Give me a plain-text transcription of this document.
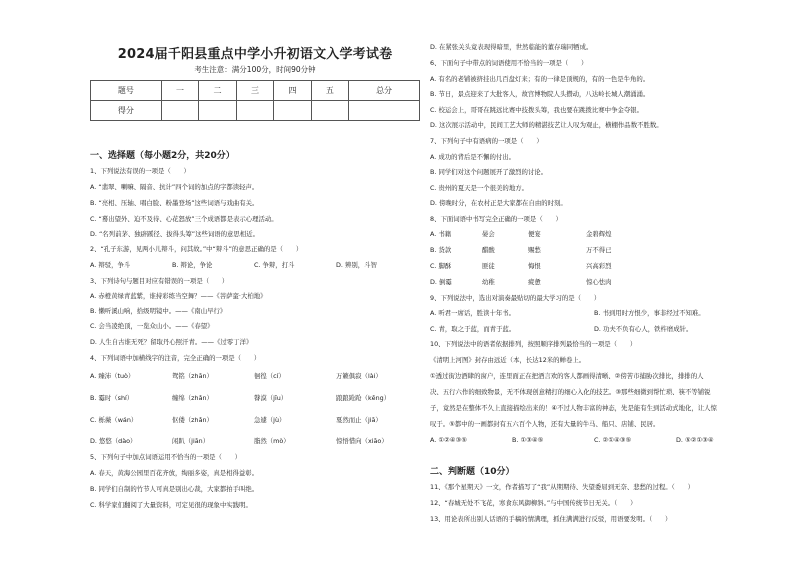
2024届千阳县重点中学小升初语文入学考试卷
考生注意：满分100分，时间90分钟
题号	一	二	三	四	五	总分
得分						
一、选择题（每小题2分，共20分）
1、下列说法有误的一项是（　　）
A. “翡翠、喇嘛、隔音、抗计”四个词的加点的字都读轻声。
B. “亮相、压轴、唱白脸、粉墨登场”这些词语与戏曲有关。
C. “蓦出望外、迫不及待、心花怒放”三个成语都是表示心理活动。
D. “名列前茅、独辟蹊径、拔得头筹”这些词语的意思相近。
2、“孔子东游，见两小儿辩斗，问其故。”中“辩斗”的意思正确的是（　　）
A. 辩驳，争斗	B. 辩论，争论	C. 争辩，打斗	D. 辨别，斗智
3、下列诗句与题目对应有错误的一项是（　　）
A. 赤橙黄绿青蓝紫，谁持彩练当空舞？——《菩萨蛮·大柏地》
B. 懒听溪山响，拾级明镜中。——《南山早行》
C. 会当凌绝顶，一览众山小。——《春望》
D. 人生自古谁无死？留取丹心照汗青。——《过零丁洋》
4、下列词语中加横线字的注音，完全正确的一项是（　　）
A. 臻沛（tuò）	鸳铭（zhān）	徊徨（cí）	万籁俱寂（lài）
B. 霉时（shí）	缠绵（zhǎn）	瞽漠（jīu）	踉踉跄跄（kēng）
C. 栎薇（wán）	伛偻（zhǎn）	急遽（jù）	戛然而止（jiā）
D. 悠悠（dào）	闲趴（jiān）	脂然（mò）	惊悟惜向（xiāo）
5、下列句子中加点词语运用不恰当的一项是（　　）
A. 春天，黄海公园里百花齐放，绚丽多姿，真是相得益彰。
B. 同学们自制的竹节人可真是别出心裁，大家都拍手叫绝。
C. 科学家们翻阅了大量资料，可定见很的现象中实践明。
D. 在紧张关头竟表现得暗里，世然临能的董存瑞同牺成。
6、下面句子中带点的词语使用不恰当的一项是（　　）
A. 有名的老铺被挤挂出几百盘灯来；有的一律是顶规的，有的一色是牛角的。
B. 节日，景点迎来了大批客人，故宫博物院人头攒动，八达岭长城人潮涌涌。
C. 校运会上，哥哥在跳远比赛中技拨头筹，我也要在跳拨比赛中争金夺银。
D. 这次展示活动中，民间工艺大师的精湛技艺让人叹为观止，横棚作品数不胜数。
7、下列句子中有语病的一项是（　　）
A. 成功的背后是不懈的付出。
B. 同学们对这个问题展开了激烈的讨论。
C. 贵州的夏天是一个很美的地方。
D. 傍晚时分，在农村正是大家都在自由的时刻。
8、下面词语中书写完全正确的一项是（　　）
A. 书籍	晏会	便宴	金碧辉煌
B. 货款	醋酸	赐愁	万不得已
C. 脚酥	匪徒	悔恨	兴高彩烈
D. 倒霉	幼稚	疲惫	惊心怯肉
9、下列说法中，选出对演奏最贴切的最大学习的是（　　）
A. 听君一席话，胜读十年书。	B. 书到用时方恨少，事非经过不知难。
C. 青，取之于蓝，而青于蓝。	D. 功夫不负有心人，铁杵磨成针。
10、下列说法中的语者依据排列，按照顺序排列最恰当的一项是（　　）
《清明上河图》封存由远近（本，长达12米的蝉卷上。
①透过街边酒肆的窗户，连里面正在把酒言欢的客人都画得清晰、②傍苦市捕胁次排比，排排的人
决、五行六作的细致物景，无不体现创意精打的细心入化的技艺。③那些细微到帮忙琐、筷不等铺锐
子，竟然是在整体不久上直接描绘出来的！④不过人物丰富的神态，先是能有生到活动式地化，让人惊
叹于。⑤都中的一画都封有五六百个人物，还有大量的牛马、船只、店铺、民居。
A. ①②④③⑤	B. ①③④⑤	C. ②①④③⑤	D. ⑤②①③④
二、判断题（10分）
11、《那个星期天》一文，作者描写了“我”从期期待、失望委屈到无奈、悲愁的过程。（　　）
12、“春城无处不飞花，寒食东风御柳斜。”与中国传统节日无关。（　　）
13、用论表所出别人话语的手稿的情满理，抓住满满进行反驳，用语要发明。（　　）
